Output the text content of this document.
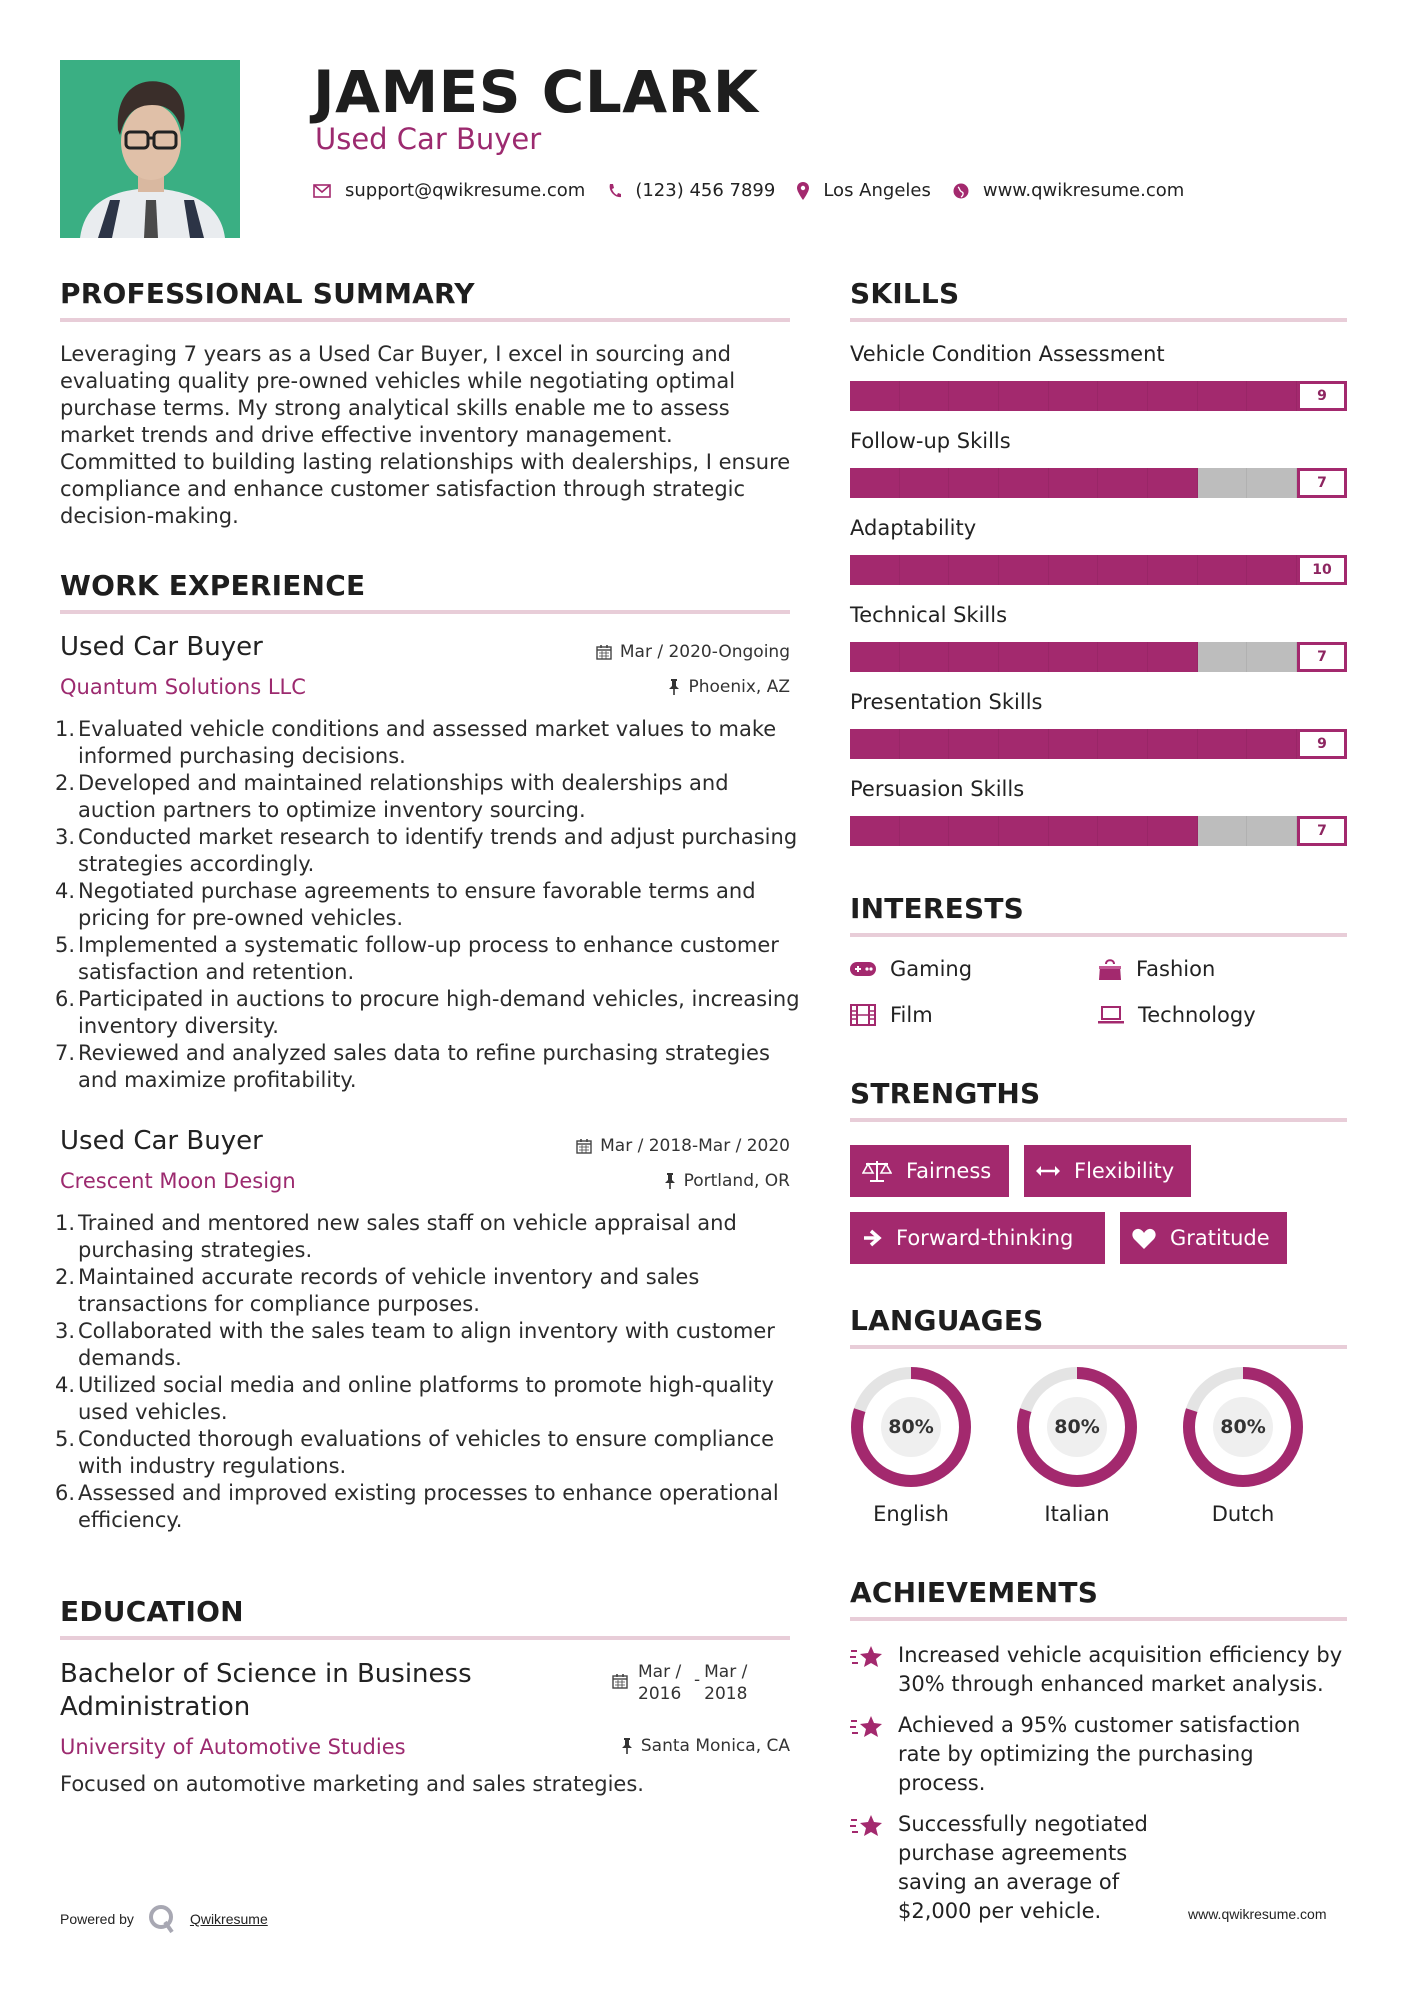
JAMES CLARK
Used Car Buyer
support@qwikresume.com	(123) 456 7899	Los Angeles	www.qwikresume.com
PROFESSIONAL SUMMARY
Leveraging 7 years as a Used Car Buyer, I excel in sourcing and evaluating quality pre-owned vehicles while negotiating optimal purchase terms. My strong analytical skills enable me to assess market trends and drive effective inventory management. Committed to building lasting relationships with dealerships, I ensure compliance and enhance customer satisfaction through strategic decision-making.
WORK EXPERIENCE
Used Car Buyer	Mar / 2020-Ongoing
Quantum Solutions LLC	Phoenix, AZ
1. Evaluated vehicle conditions and assessed market values to make informed purchasing decisions.
2. Developed and maintained relationships with dealerships and auction partners to optimize inventory sourcing.
3. Conducted market research to identify trends and adjust purchasing strategies accordingly.
4. Negotiated purchase agreements to ensure favorable terms and pricing for pre-owned vehicles.
5. Implemented a systematic follow-up process to enhance customer satisfaction and retention.
6. Participated in auctions to procure high-demand vehicles, increasing inventory diversity.
7. Reviewed and analyzed sales data to refine purchasing strategies and maximize profitability.
Used Car Buyer	Mar / 2018-Mar / 2020
Crescent Moon Design	Portland, OR
1. Trained and mentored new sales staff on vehicle appraisal and purchasing strategies.
2. Maintained accurate records of vehicle inventory and sales transactions for compliance purposes.
3. Collaborated with the sales team to align inventory with customer demands.
4. Utilized social media and online platforms to promote high-quality used vehicles.
5. Conducted thorough evaluations of vehicles to ensure compliance with industry regulations.
6. Assessed and improved existing processes to enhance operational efficiency.
EDUCATION
Bachelor of Science in Business Administration
Mar / 2016
- Mar / 2018
University of Automotive Studies	Santa Monica, CA
Focused on automotive marketing and sales strategies.
SKILLS
Vehicle Condition Assessment
9
Follow-up Skills
7
Adaptability
10
Technical Skills
7
Presentation Skills
9
Persuasion Skills
7
INTERESTS
Gaming	Fashion
Film	Technology
STRENGTHS
Fairness	Flexibility
Forward-thinking	Gratitude
LANGUAGES
80%
English
80%
Italian
80%
Dutch
ACHIEVEMENTS
Increased vehicle acquisition efficiency by 30% through enhanced market analysis.
Achieved a 95% customer satisfaction rate by optimizing the purchasing process.
Successfully negotiated purchase agreements saving an average of $2,000 per vehicle.
Powered by	Qwikresume	www.qwikresume.com
